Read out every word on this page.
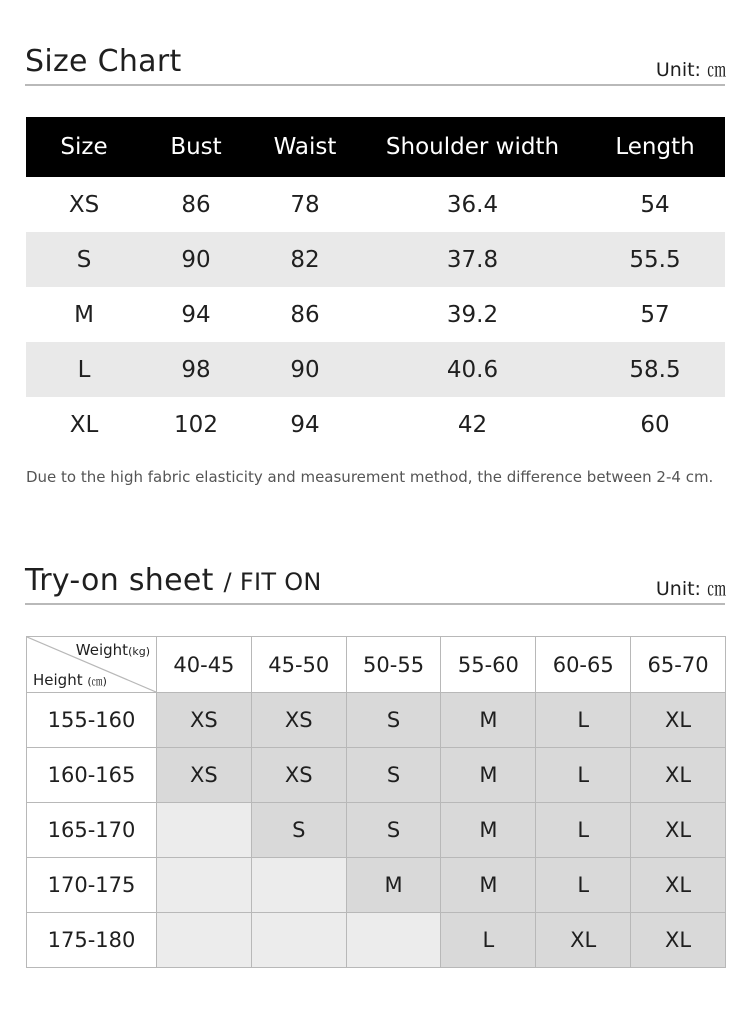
Size Chart	Unit: ㎝
Size	Bust	Waist	Shoulder width	Length
XS	86	78	36.4	54
S	90	82	37.8	55.5
M	94	86	39.2	57
L	98	90	40.6	58.5
XL	102	94	42	60
Due to the high fabric elasticity and measurement method, the difference between 2-4 cm.
Try-on sheet / FIT ON	Unit: ㎝
Weight(kg)
Height (㎝)	40-45	45-50	50-55	55-60	60-65	65-70
155-160	XS	XS	S	M	L	XL
160-165	XS	XS	S	M	L	XL
165-170		S	S	M	L	XL
170-175			M	M	L	XL
175-180				L	XL	XL
